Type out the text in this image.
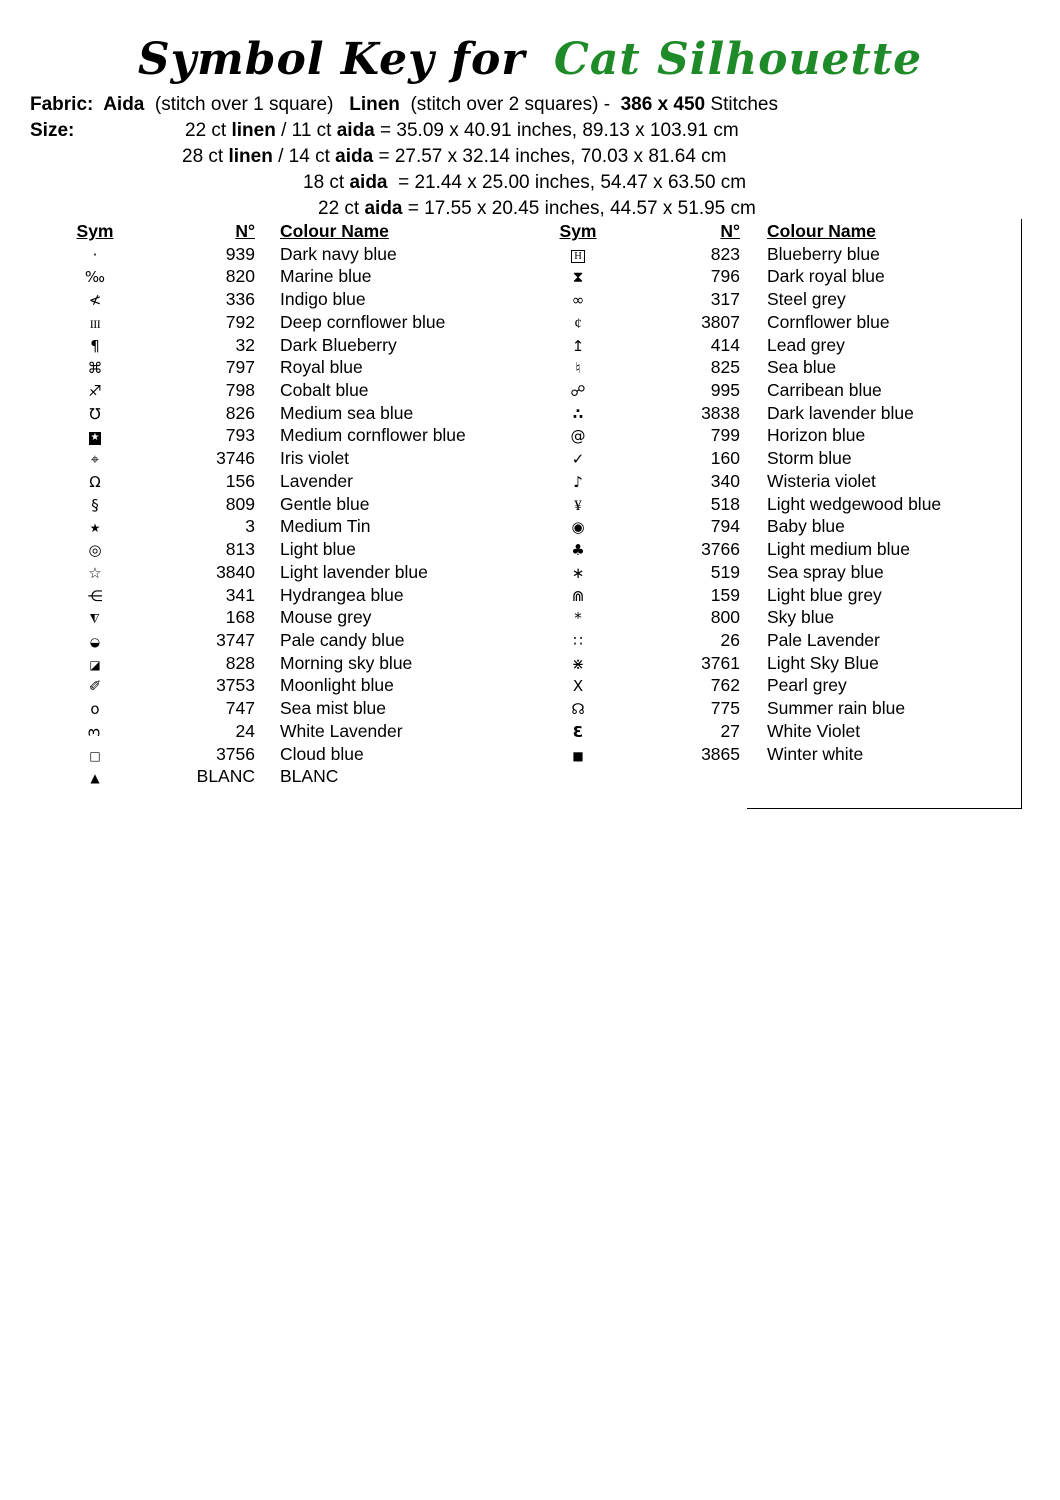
Symbol Key for Cat Silhouette
Fabric:  Aida  (stitch over 1 square)   Linen  (stitch over 2 squares) -  386 x 450 Stitches
Size:	22 ct linen / 11 ct aida = 35.09 x 40.91 inches, 89.13 x 103.91 cm
28 ct linen / 14 ct aida = 27.57 x 32.14 inches, 70.03 x 81.64 cm
18 ct aida  = 21.44 x 25.00 inches, 54.47 x 63.50 cm
22 ct aida = 17.55 x 20.45 inches, 44.57 x 51.95 cm
Sym	N° Colour Name
·	939 Dark navy blue
‰	820 Marine blue
≮	336 Indigo blue
III	792 Deep cornflower blue
¶	32 Dark Blueberry
⌘	797 Royal blue
♐	798 Cobalt blue
℧	826 Medium sea blue
★	793 Medium cornflower blue
⌖	3746 Iris violet
Ω	156 Lavender
§	809 Gentle blue
★	3 Medium Tin
◎	813 Light blue
☆	3840 Light lavender blue
⋲	341 Hydrangea blue
◮	168 Mouse grey
◒	3747 Pale candy blue
◪	828 Morning sky blue
✐	3753 Moonlight blue
o	747 Sea mist blue
3	24 White Lavender
□	3756 Cloud blue
▲	BLANC BLANC
Sym	N° Colour Name
H	823 Blueberry blue
⧗	796 Dark royal blue
∞	317 Steel grey
¢	3807 Cornflower blue
↥	414 Lead grey
♮	825 Sea blue
☍	995 Carribean blue
∴	3838 Dark lavender blue
@	799 Horizon blue
✓	160 Storm blue
♪	340 Wisteria violet
¥	518 Light wedgewood blue
◉	794 Baby blue
♣	3766 Light medium blue
∗	519 Sea spray blue
⋒	159 Light blue grey
*	800 Sky blue
∷	26 Pale Lavender
⋇	3761 Light Sky Blue
X	762 Pearl grey
☊	775 Summer rain blue
Ɛ	27 White Violet
■	3865 Winter white
